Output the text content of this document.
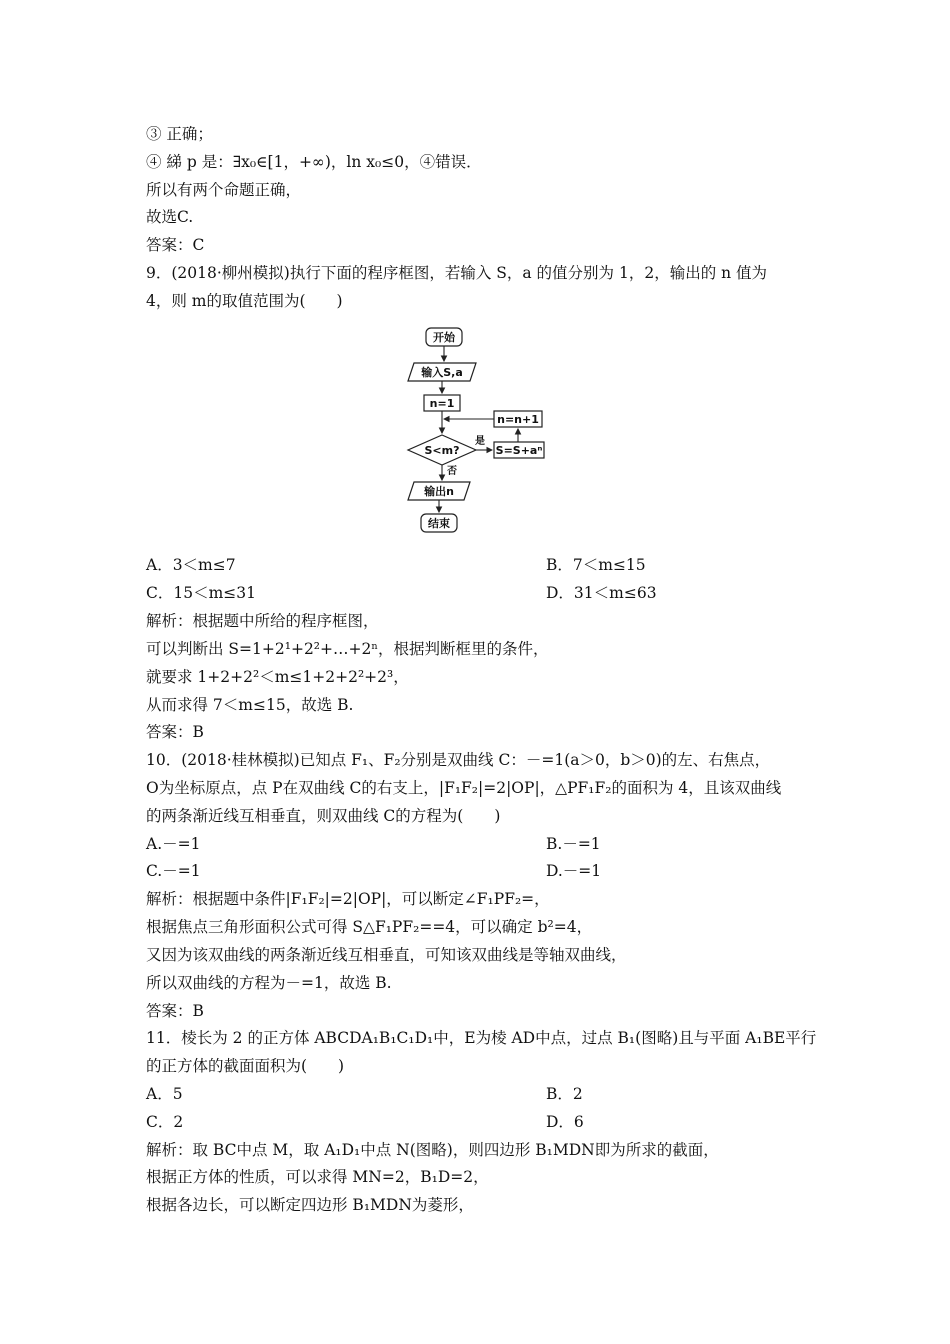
③ 正确；
④ 綈 p 是：∃x₀∈[1，+∞)，ln x₀≤0，④错误．
所以有两个命题正确，
故选C.
答案：C
9．(2018·柳州模拟)执行下面的程序框图，若输入 S，a 的值分别为 1，2，输出的 n 值为
4，则 m的取值范围为(　　)
开始
输入S,a
n=1
n=n+1
S<m?
是
S=S+aⁿ
否
输出n
结束
A．3＜m≤7	B．7＜m≤15
C．15＜m≤31	D．31＜m≤63
解析：根据题中所给的程序框图，
可以判断出 S=1+2¹+2²+…+2ⁿ，根据判断框里的条件，
就要求 1+2+2²＜m≤1+2+2²+2³，
从而求得 7＜m≤15，故选 B.
答案：B
10．(2018·桂林模拟)已知点 F₁、F₂分别是双曲线 C：－=1(a＞0，b＞0)的左、右焦点，
O为坐标原点，点 P在双曲线 C的右支上，|F₁F₂|=2|OP|，△PF₁F₂的面积为 4，且该双曲线
的两条渐近线互相垂直，则双曲线 C的方程为(　　)
A.－=1	B.－=1
C.－=1	D.－=1
解析：根据题中条件|F₁F₂|=2|OP|，可以断定∠F₁PF₂=，
根据焦点三角形面积公式可得 S△F₁PF₂==4，可以确定 b²=4，
又因为该双曲线的两条渐近线互相垂直，可知该双曲线是等轴双曲线，
所以双曲线的方程为－=1，故选 B.
答案：B
11．棱长为 2 的正方体 ABCDA₁B₁C₁D₁中，E为棱 AD中点，过点 B₁(图略)且与平面 A₁BE平行
的正方体的截面面积为(　　)
A．5	B．2
C．2	D．6
解析：取 BC中点 M，取 A₁D₁中点 N(图略)，则四边形 B₁MDN即为所求的截面，
根据正方体的性质，可以求得 MN=2，B₁D=2，
根据各边长，可以断定四边形 B₁MDN为菱形，
